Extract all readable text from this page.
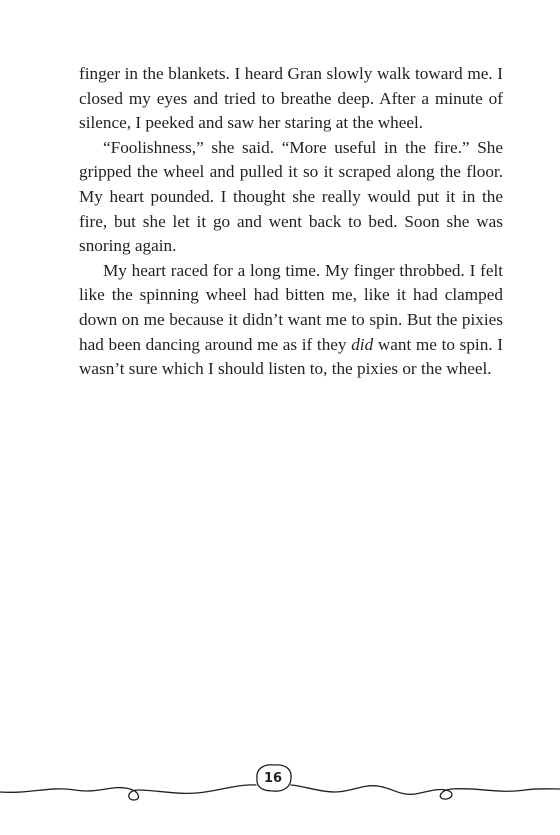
finger in the blankets. I heard Gran slowly walk toward me. I closed my eyes and tried to breathe deep. After a minute of silence, I peeked and saw her staring at the wheel.

“Foolishness,” she said. “More useful in the fire.” She gripped the wheel and pulled it so it scraped along the floor. My heart pounded. I thought she really would put it in the fire, but she let it go and went back to bed. Soon she was snoring again.

My heart raced for a long time. My finger throbbed. I felt like the spinning wheel had bitten me, like it had clamped down on me because it didn’t want me to spin. But the pixies had been dancing around me as if they did want me to spin. I wasn’t sure which I should listen to, the pixies or the wheel.

16
